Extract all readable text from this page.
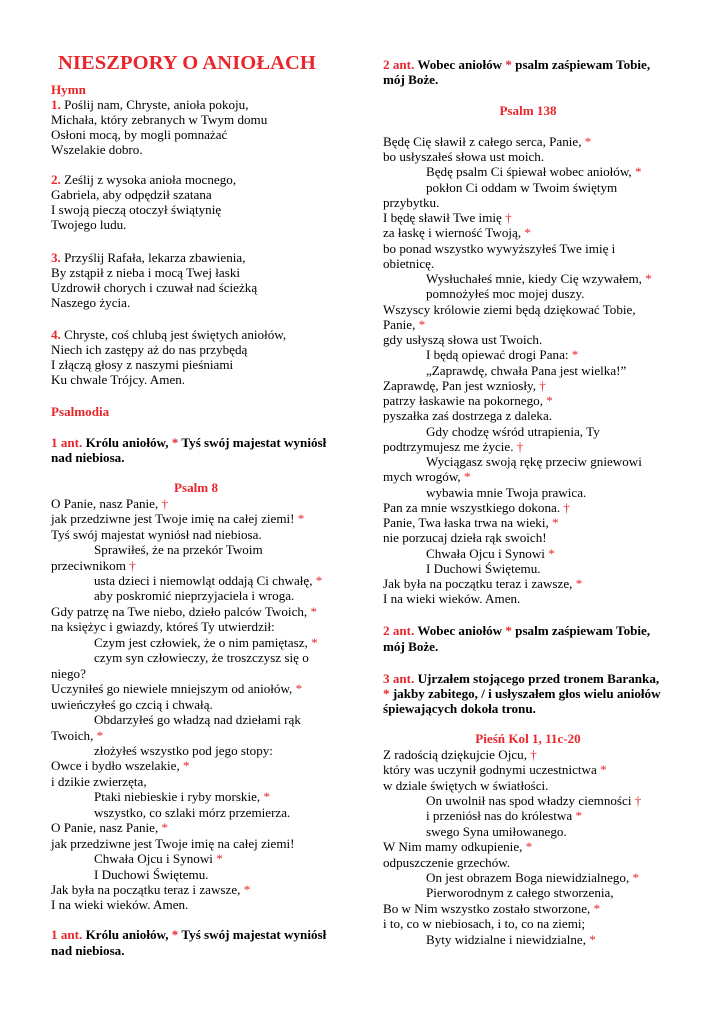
NIESZPORY O ANIOŁACH
Hymn
1. Poślij nam, Chryste, anioła pokoju,
Michała, który zebranych w Twym domu
Osłoni mocą, by mogli pomnażać
Wszelakie dobro.
2. Ześlij z wysoka anioła mocnego,
Gabriela, aby odpędził szatana
I swoją pieczą otoczył świątynię
Twojego ludu.
3. Przyślij Rafała, lekarza zbawienia,
By zstąpił z nieba i mocą Twej łaski
Uzdrowił chorych i czuwał nad ścieżką
Naszego życia.
4. Chryste, coś chlubą jest świętych aniołów,
Niech ich zastępy aż do nas przybędą
I złączą głosy z naszymi pieśniami
Ku chwale Trójcy. Amen.
Psalmodia
1 ant. Królu aniołów, * Tyś swój majestat wyniósł
nad niebiosa.
Psalm 8
O Panie, nasz Panie, †
jak przedziwne jest Twoje imię na całej ziemi! *
Tyś swój majestat wyniósł nad niebiosa.
Sprawiłeś, że na przekór Twoim
przeciwnikom †
usta dzieci i niemowląt oddają Ci chwałę, *
aby poskromić nieprzyjaciela i wroga.
Gdy patrzę na Twe niebo, dzieło palców Twoich, *
na księżyc i gwiazdy, któreś Ty utwierdził:
Czym jest człowiek, że o nim pamiętasz, *
czym syn człowieczy, że troszczysz się o
niego?
Uczyniłeś go niewiele mniejszym od aniołów, *
uwieńczyłeś go czcią i chwałą.
Obdarzyłeś go władzą nad dziełami rąk
Twoich, *
złożyłeś wszystko pod jego stopy:
Owce i bydło wszelakie, *
i dzikie zwierzęta,
Ptaki niebieskie i ryby morskie, *
wszystko, co szlaki mórz przemierza.
O Panie, nasz Panie, *
jak przedziwne jest Twoje imię na całej ziemi!
Chwała Ojcu i Synowi *
I Duchowi Świętemu.
Jak była na początku teraz i zawsze, *
I na wieki wieków. Amen.
1 ant. Królu aniołów, * Tyś swój majestat wyniósł
nad niebiosa.
2 ant. Wobec aniołów * psalm zaśpiewam Tobie,
mój Boże.
Psalm 138
Będę Cię sławił z całego serca, Panie, *
bo usłyszałeś słowa ust moich.
Będę psalm Ci śpiewał wobec aniołów, *
pokłon Ci oddam w Twoim świętym
przybytku.
I będę sławił Twe imię †
za łaskę i wierność Twoją, *
bo ponad wszystko wywyższyłeś Twe imię i
obietnicę.
Wysłuchałeś mnie, kiedy Cię wzywałem, *
pomnożyłeś moc mojej duszy.
Wszyscy królowie ziemi będą dziękować Tobie,
Panie, *
gdy usłyszą słowa ust Twoich.
I będą opiewać drogi Pana: *
„Zaprawdę, chwała Pana jest wielka!”
Zaprawdę, Pan jest wzniosły, †
patrzy łaskawie na pokornego, *
pyszałka zaś dostrzega z daleka.
Gdy chodzę wśród utrapienia, Ty
podtrzymujesz me życie. †
Wyciągasz swoją rękę przeciw gniewowi
mych wrogów, *
wybawia mnie Twoja prawica.
Pan za mnie wszystkiego dokona. †
Panie, Twa łaska trwa na wieki, *
nie porzucaj dzieła rąk swoich!
Chwała Ojcu i Synowi *
I Duchowi Świętemu.
Jak była na początku teraz i zawsze, *
I na wieki wieków. Amen.
2 ant. Wobec aniołów * psalm zaśpiewam Tobie,
mój Boże.
3 ant. Ujrzałem stojącego przed tronem Baranka,
* jakby zabitego, / i usłyszałem głos wielu aniołów
śpiewających dokoła tronu.
Pieśń Kol 1, 11c-20
Z radością dziękujcie Ojcu, †
który was uczynił godnymi uczestnictwa *
w dziale świętych w światłości.
On uwolnił nas spod władzy ciemności †
i przeniósł nas do królestwa *
swego Syna umiłowanego.
W Nim mamy odkupienie, *
odpuszczenie grzechów.
On jest obrazem Boga niewidzialnego, *
Pierworodnym z całego stworzenia,
Bo w Nim wszystko zostało stworzone, *
i to, co w niebiosach, i to, co na ziemi;
Byty widzialne i niewidzialne, *
